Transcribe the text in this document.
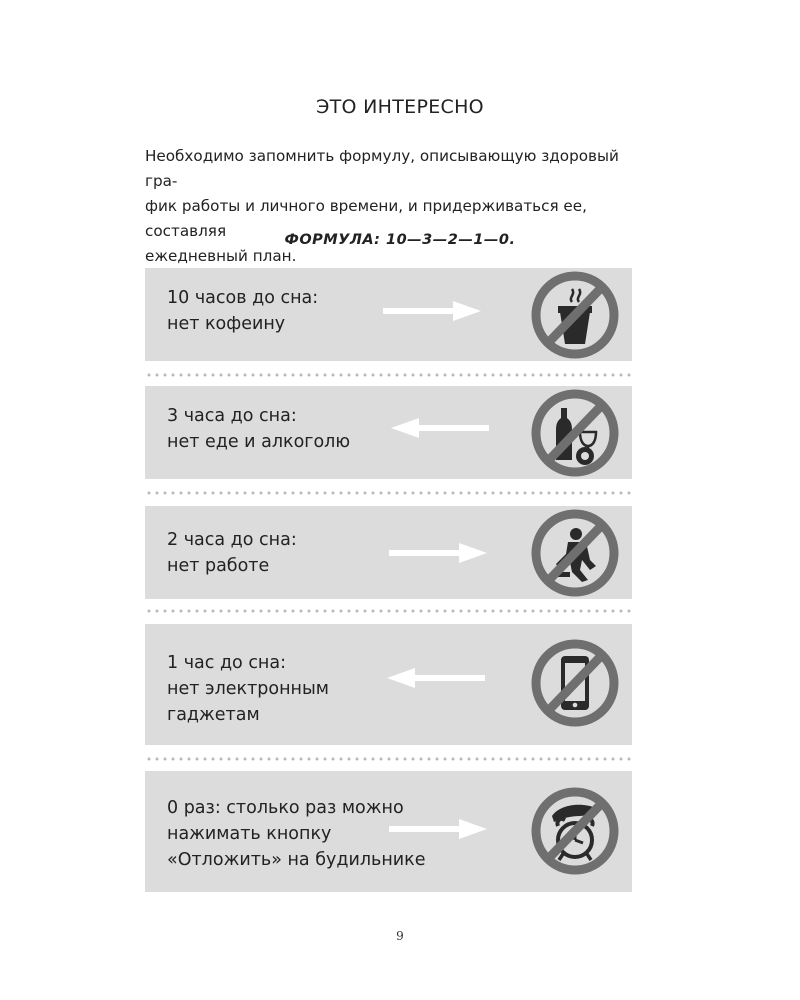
ЭТО ИНТЕРЕСНО
Необходимо запомнить формулу, описывающую здоровый гра-
фик работы и личного времени, и придерживаться ее, составляя
ежедневный план.
ФОРМУЛА: 10—3—2—1—0.
10 часов до сна:
нет кофеину
3 часа до сна:
нет еде и алкоголю
2 часа до сна:
нет работе
1 час до сна:
нет электронным
гаджетам
0 раз: столько раз можно
нажимать кнопку
«Отложить» на будильнике
9
